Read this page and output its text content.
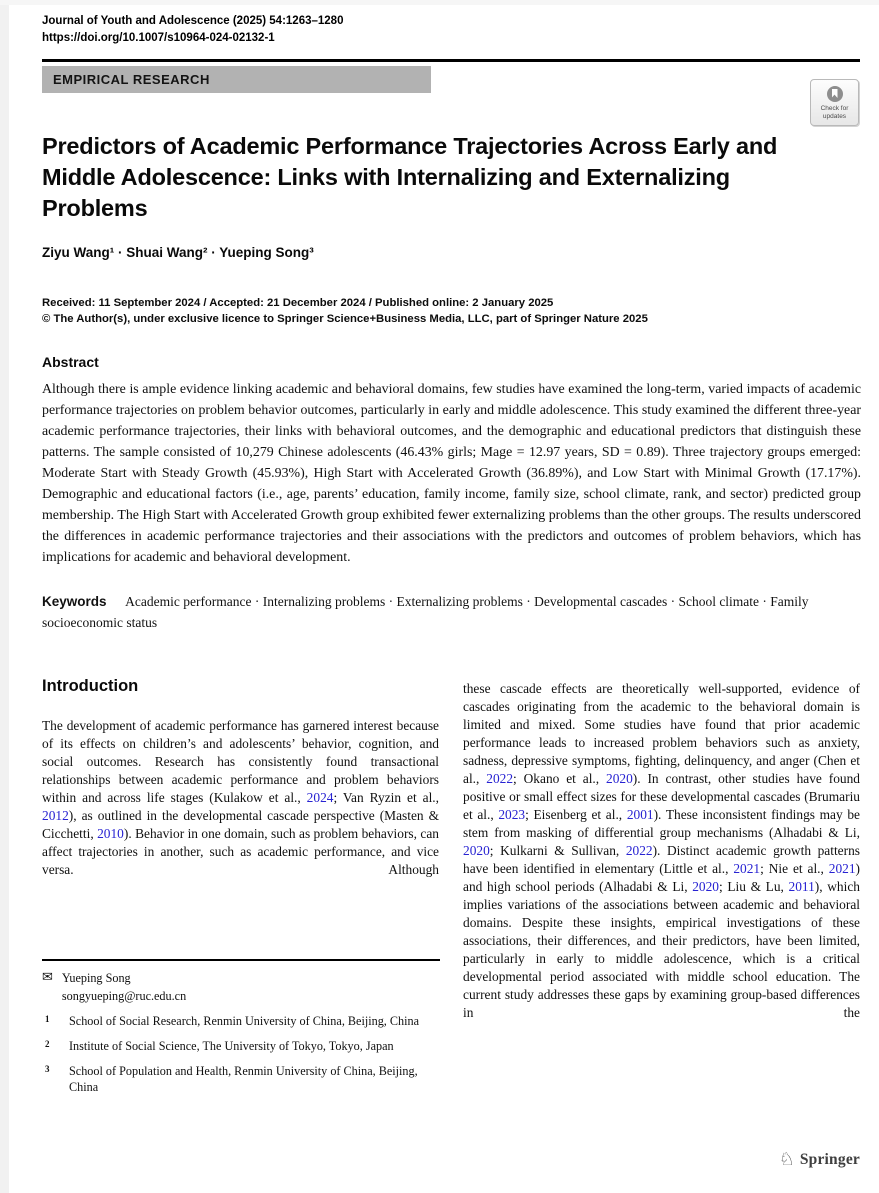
Journal of Youth and Adolescence (2025) 54:1263–1280
https://doi.org/10.1007/s10964-024-02132-1
EMPIRICAL RESEARCH
Check for
updates
Predictors of Academic Performance Trajectories Across Early and Middle Adolescence: Links with Internalizing and Externalizing Problems
Ziyu Wang¹ · Shuai Wang² · Yueping Song³
Received: 11 September 2024 / Accepted: 21 December 2024 / Published online: 2 January 2025
© The Author(s), under exclusive licence to Springer Science+Business Media, LLC, part of Springer Nature 2025
Abstract

Although there is ample evidence linking academic and behavioral domains, few studies have examined the long-term, varied impacts of academic performance trajectories on problem behavior outcomes, particularly in early and middle adolescence. This study examined the different three-year academic performance trajectories, their links with behavioral outcomes, and the demographic and educational predictors that distinguish these patterns. The sample consisted of 10,279 Chinese adolescents (46.43% girls; Mage = 12.97 years, SD = 0.89). Three trajectory groups emerged: Moderate Start with Steady Growth (45.93%), High Start with Accelerated Growth (36.89%), and Low Start with Minimal Growth (17.17%). Demographic and educational factors (i.e., age, parents’ education, family income, family size, school climate, rank, and sector) predicted group membership. The High Start with Accelerated Growth group exhibited fewer externalizing problems than the other groups. The results underscored the differences in academic performance trajectories and their associations with the predictors and outcomes of problem behaviors, which has implications for academic and behavioral development.

Keywords Academic performance · Internalizing problems · Externalizing problems · Developmental cascades · School climate · Family socioeconomic status

Introduction

The development of academic performance has garnered interest because of its effects on children’s and adolescents’ behavior, cognition, and social outcomes. Research has consistently found transactional relationships between academic performance and problem behaviors within and across life stages (Kulakow et al., 2024; Van Ryzin et al., 2012), as outlined in the developmental cascade perspective (Masten & Cicchetti, 2010). Behavior in one domain, such as problem behaviors, can affect trajectories in another, such as academic performance, and vice versa. Although

these cascade effects are theoretically well-supported, evidence of cascades originating from the academic to the behavioral domain is limited and mixed. Some studies have found that prior academic performance leads to increased problem behaviors such as anxiety, sadness, depressive symptoms, fighting, delinquency, and anger (Chen et al., 2022; Okano et al., 2020). In contrast, other studies have found positive or small effect sizes for these developmental cascades (Brumariu et al., 2023; Eisenberg et al., 2001). These inconsistent findings may be stem from masking of differential group mechanisms (Alhadabi & Li, 2020; Kulkarni & Sullivan, 2022). Distinct academic growth patterns have been identified in elementary (Little et al., 2021; Nie et al., 2021) and high school periods (Alhadabi & Li, 2020; Liu & Lu, 2011), which implies variations of the associations between academic and behavioral domains. Despite these insights, empirical investigations of these associations, their differences, and their predictors, have been limited, particularly in early to middle adolescence, which is a critical developmental period associated with middle school education. The current study addresses these gaps by examining group-based differences in the

✉ Yueping Song
songyueping@ruc.edu.cn
1	School of Social Research, Renmin University of China, Beijing, China
2	Institute of Social Science, The University of Tokyo, Tokyo, Japan
3	School of Population and Health, Renmin University of China, Beijing, China
♘ Springer
